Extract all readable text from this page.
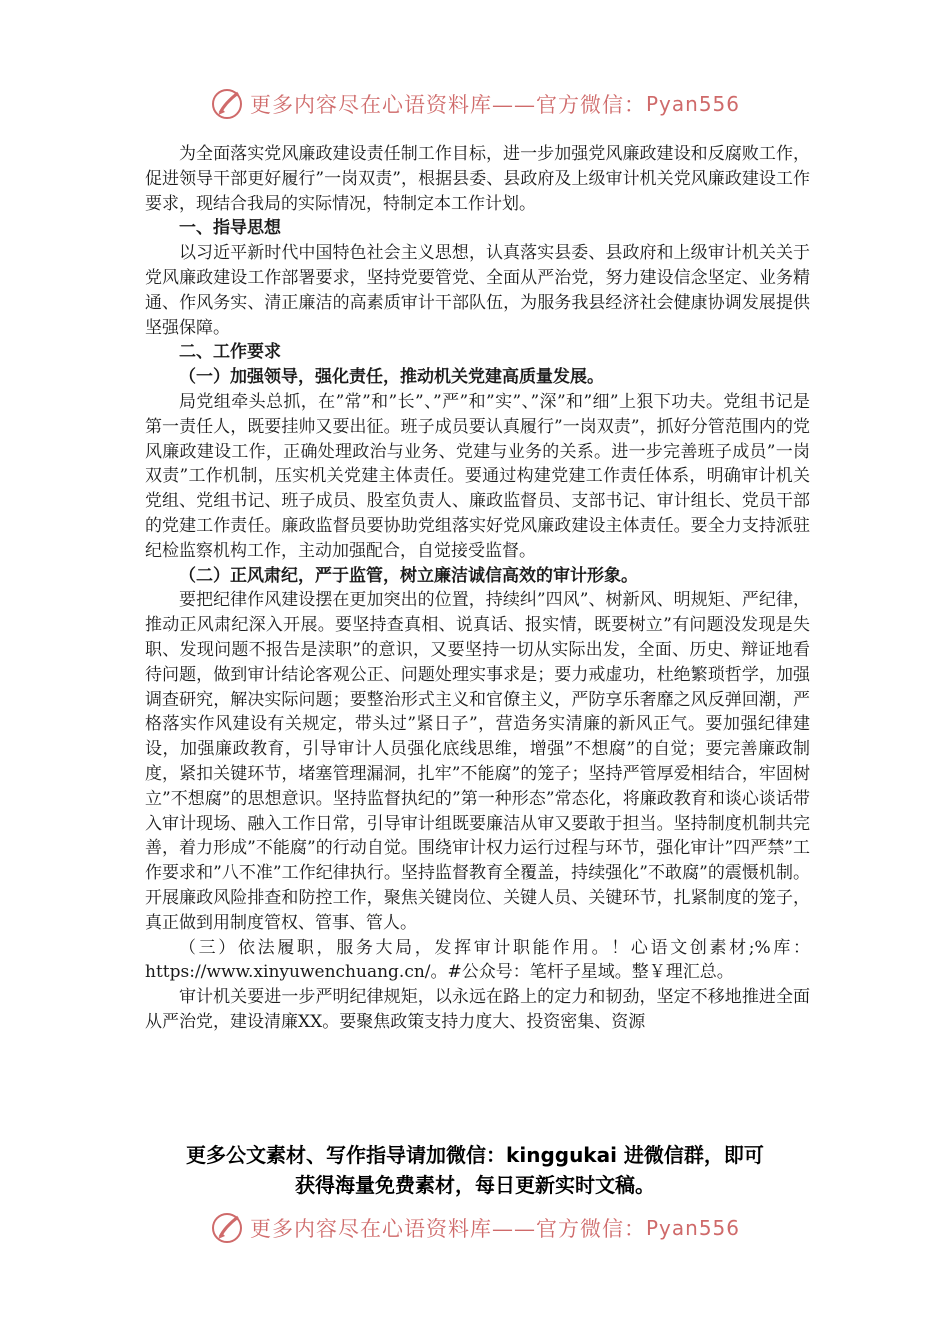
更多内容尽在心语资料库——官方微信： Pyan556

为全面落实党风廉政建设责任制工作目标，进一步加强党风廉政建设和反腐败工作，促进领导干部更好履行”一岗双责”，根据县委、县政府及上级审计机关党风廉政建设工作要求，现结合我局的实际情况，特制定本工作计划。

一、指导思想

以习近平新时代中国特色社会主义思想，认真落实县委、县政府和上级审计机关关于党风廉政建设工作部署要求，坚持党要管党、全面从严治党，努力建设信念坚定、业务精通、作风务实、清正廉洁的高素质审计干部队伍，为服务我县经济社会健康协调发展提供坚强保障。

二、工作要求

（一）加强领导，强化责任，推动机关党建高质量发展。

局党组牵头总抓，在”常”和”长”、”严”和”实”、”深”和”细”上狠下功夫。党组书记是第一责任人，既要挂帅又要出征。班子成员要认真履行”一岗双责”，抓好分管范围内的党风廉政建设工作，正确处理政治与业务、党建与业务的关系。进一步完善班子成员”一岗双责”工作机制，压实机关党建主体责任。要通过构建党建工作责任体系，明确审计机关党组、党组书记、班子成员、股室负责人、廉政监督员、支部书记、审计组长、党员干部的党建工作责任。廉政监督员要协助党组落实好党风廉政建设主体责任。要全力支持派驻纪检监察机构工作，主动加强配合，自觉接受监督。

（二）正风肃纪，严于监管，树立廉洁诚信高效的审计形象。

要把纪律作风建设摆在更加突出的位置，持续纠”四风”、树新风、明规矩、严纪律，推动正风肃纪深入开展。要坚持查真相、说真话、报实情，既要树立”有问题没发现是失职、发现问题不报告是渎职”的意识，又要坚持一切从实际出发，全面、历史、辩证地看待问题，做到审计结论客观公正、问题处理实事求是；要力戒虚功，杜绝繁琐哲学，加强调查研究，解决实际问题；要整治形式主义和官僚主义，严防享乐奢靡之风反弹回潮，严格落实作风建设有关规定，带头过”紧日子”，营造务实清廉的新风正气。要加强纪律建设，加强廉政教育，引导审计人员强化底线思维，增强”不想腐”的自觉；要完善廉政制度，紧扣关键环节，堵塞管理漏洞，扎牢”不能腐”的笼子；坚持严管厚爱相结合，牢固树立”不想腐”的思想意识。坚持监督执纪的”第一种形态”常态化，将廉政教育和谈心谈话带入审计现场、融入工作日常，引导审计组既要廉洁从审又要敢于担当。坚持制度机制共完善，着力形成”不能腐”的行动自觉。围绕审计权力运行过程与环节，强化审计”四严禁”工作要求和”八不准”工作纪律执行。坚持监督教育全覆盖，持续强化”不敢腐”的震慑机制。开展廉政风险排查和防控工作，聚焦关键岗位、关键人员、关键环节，扎紧制度的笼子，真正做到用制度管权、管事、管人。

（三）依法履职，服务大局，发挥审计职能作用。！心语文创素材;%库：https://www.xinyuwenchuang.cn/。#公众号：笔杆子星域。整￥理汇总。

审计机关要进一步严明纪律规矩，以永远在路上的定力和韧劲，坚定不移地推进全面从严治党，建设清廉XX。要聚焦政策支持力度大、投资密集、资源

更多公文素材、写作指导请加微信：kinggukai 进微信群，即可
获得海量免费素材，每日更新实时文稿。
更多内容尽在心语资料库——官方微信： Pyan556
